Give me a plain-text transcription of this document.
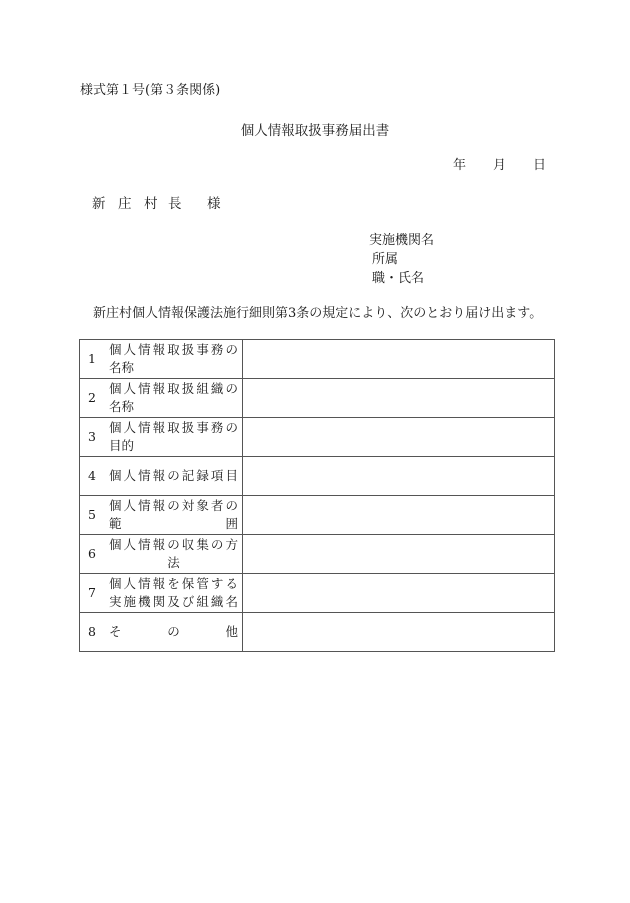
様式第１号(第３条関係)
個人情報取扱事務届出書
年 月 日
新 庄 村 長 様
実施機関名
所属
職・氏名
新庄村個人情報保護法施行細則第3条の規定により、次のとおり届け出ます。
1
個人情報取扱事務の
名称	

2
個人情報取扱組織の
名称	

3
個人情報取扱事務の
目的	

4 個人情報の記録項目	

5
個人情報の対象者の
範　　　　　　　囲	

6
個人情報の収集の方
法	

7
個人情報を保管する
実施機関及び組織名	

8 そ　　　の　　　他	
